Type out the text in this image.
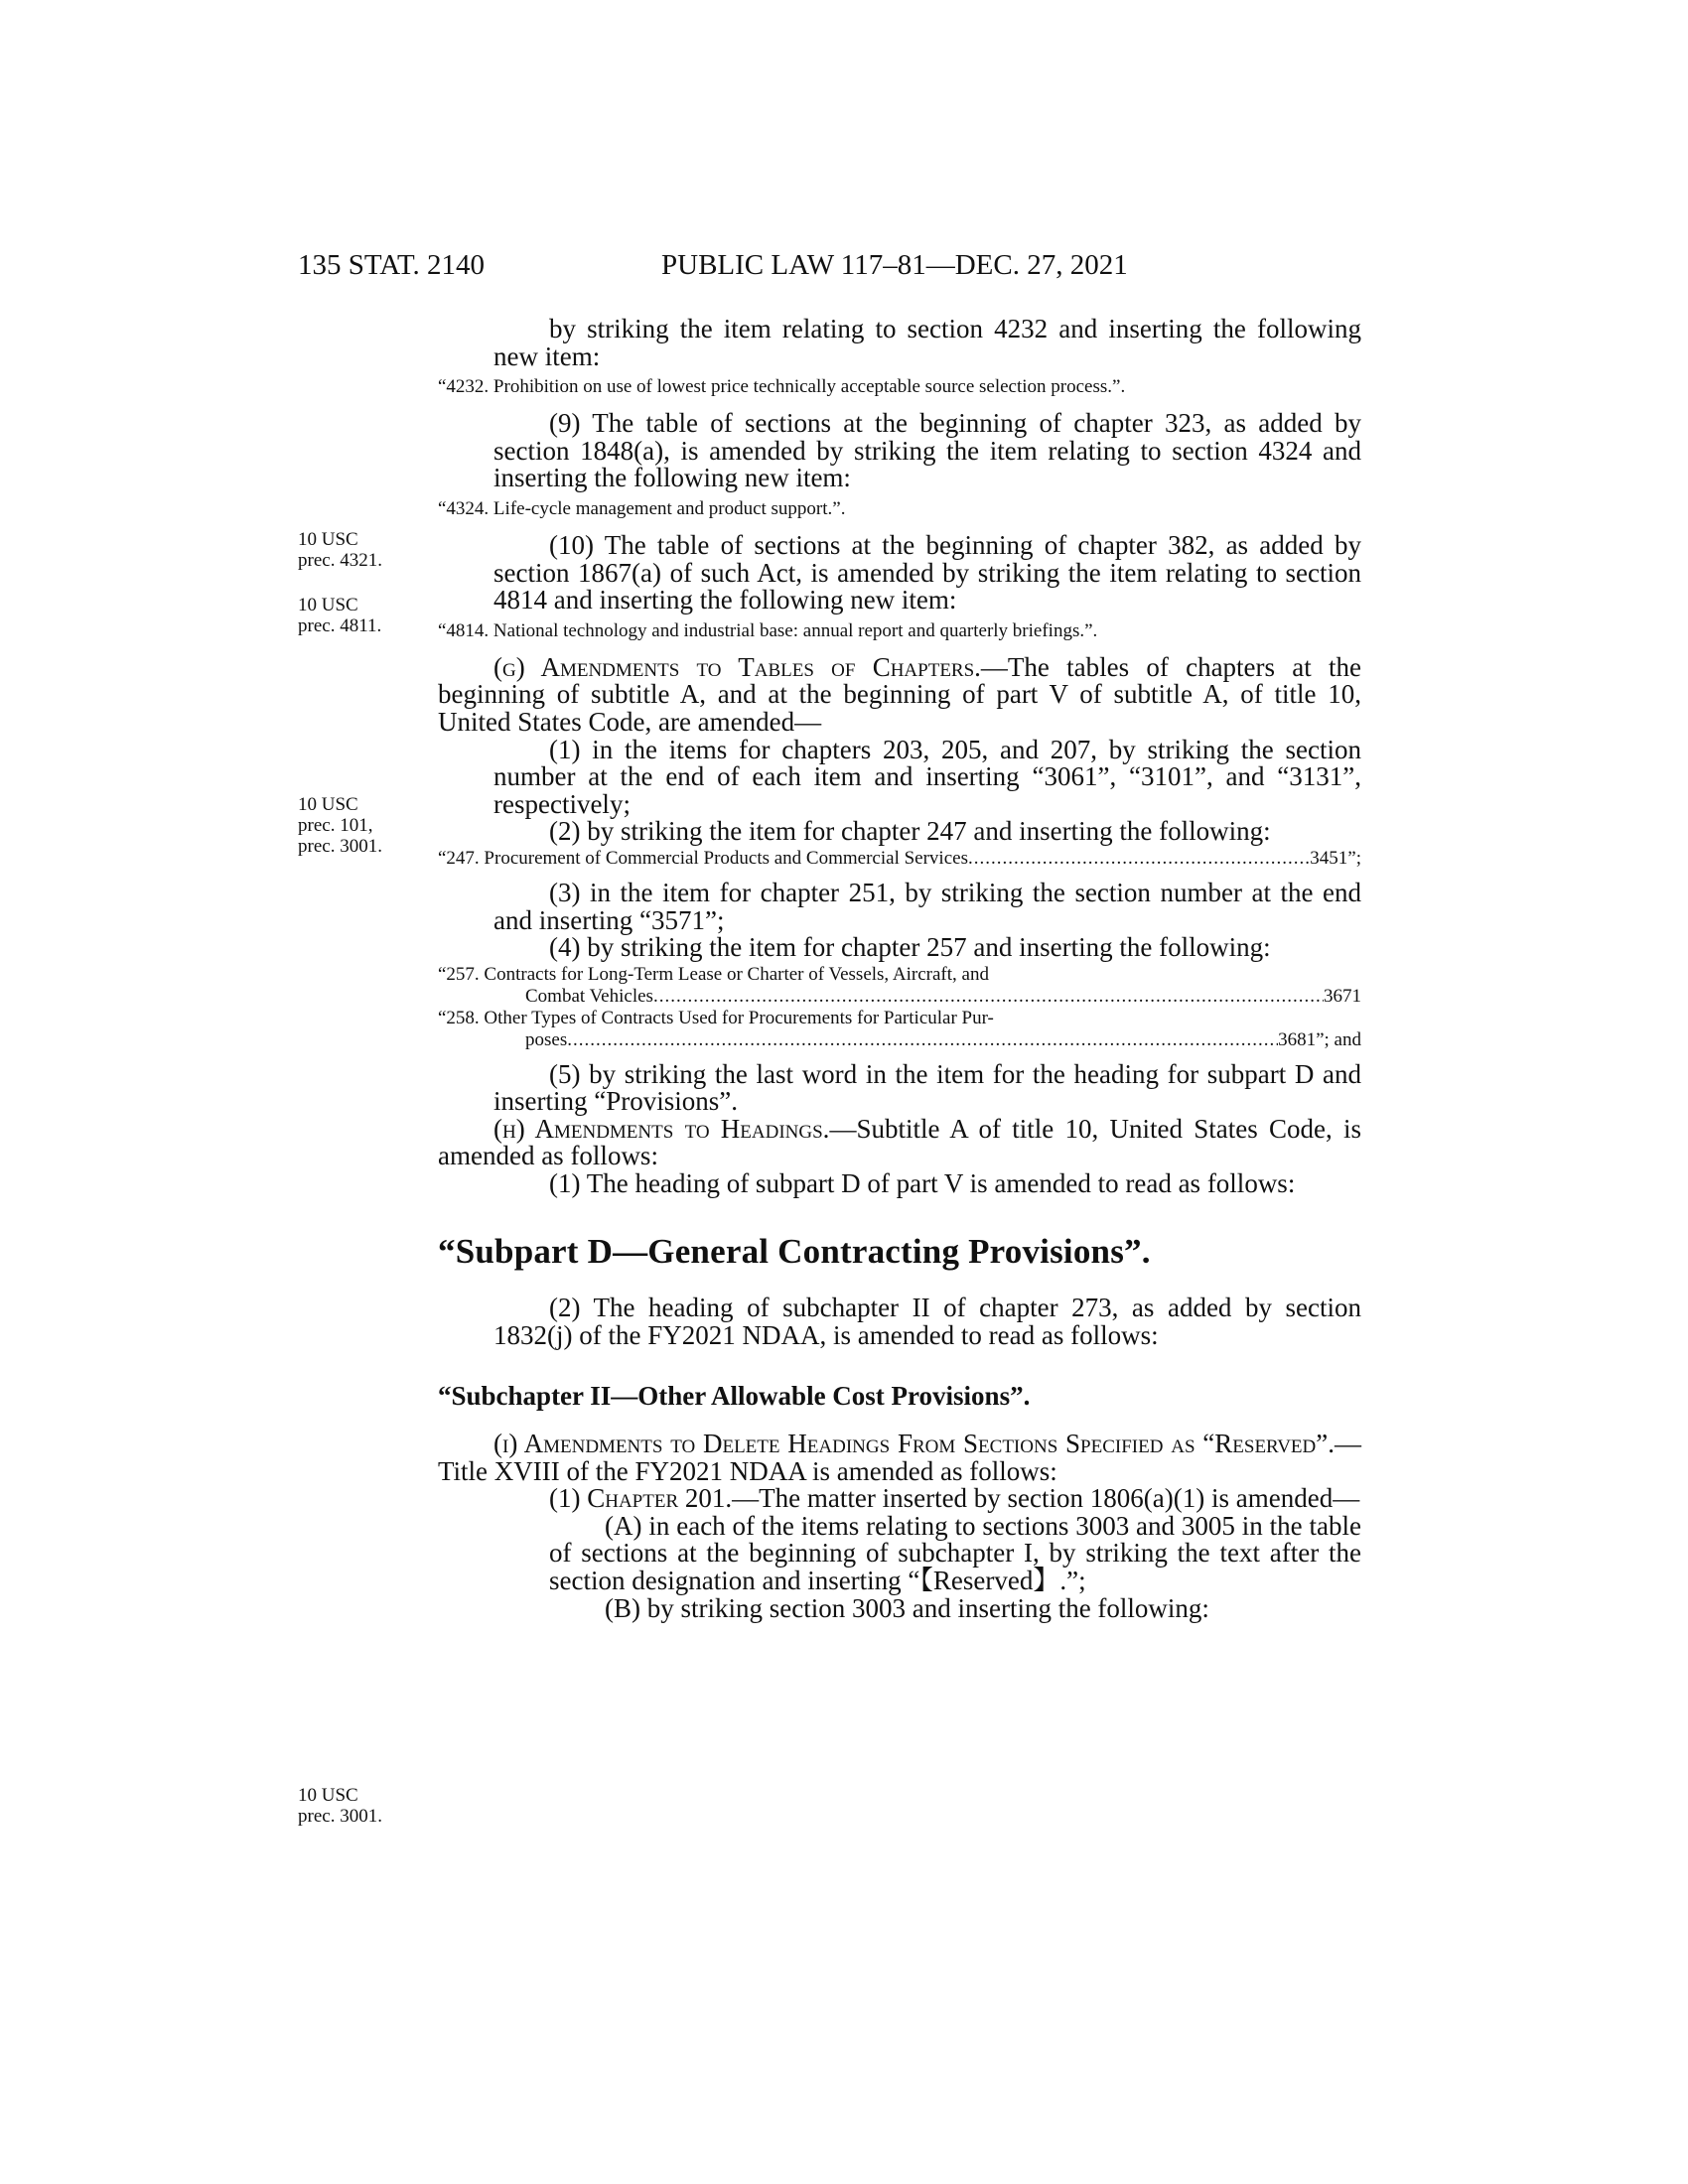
135 STAT. 2140	PUBLIC LAW 117–81—DEC. 27, 2021
10 USC
prec. 4321.
10 USC
prec. 4811.
10 USC
prec. 101,
prec. 3001.
10 USC
prec. 3001.

by striking the item relating to section 4232 and inserting the following new item:

“4232. Prohibition on use of lowest price technically acceptable source selection process.”.

(9) The table of sections at the beginning of chapter 323, as added by section 1848(a), is amended by striking the item relating to section 4324 and inserting the following new item:

“4324. Life-cycle management and product support.”.

(10) The table of sections at the beginning of chapter 382, as added by section 1867(a) of such Act, is amended by striking the item relating to section 4814 and inserting the following new item:

“4814. National technology and industrial base: annual report and quarterly briefings.”.

(g) Amendments to Tables of Chapters.—The tables of chapters at the beginning of subtitle A, and at the beginning of part V of subtitle A, of title 10, United States Code, are amended—

(1) in the items for chapters 203, 205, and 207, by striking the section number at the end of each item and inserting “3061”, “3101”, and “3131”, respectively;

(2) by striking the item for chapter 247 and inserting the following:

“247. Procurement of Commercial Products and Commercial Services .....	3451”;

(3) in the item for chapter 251, by striking the section number at the end and inserting “3571”;

(4) by striking the item for chapter 257 and inserting the following:

“257. Contracts for Long-Term Lease or Charter of Vessels, Aircraft, and
Combat Vehicles .....	3671
“258. Other Types of Contracts Used for Procurements for Particular Pur-
poses .....	3681”; and

(5) by striking the last word in the item for the heading for subpart D and inserting “Provisions”.

(h) Amendments to Headings.—Subtitle A of title 10, United States Code, is amended as follows:

(1) The heading of subpart D of part V is amended to read as follows:

“Subpart D—General Contracting Provisions”.

(2) The heading of subchapter II of chapter 273, as added by section 1832(j) of the FY2021 NDAA, is amended to read as follows:

“Subchapter II—Other Allowable Cost Provisions”.

(i) Amendments to Delete Headings From Sections Specified as “Reserved”.—Title XVIII of the FY2021 NDAA is amended as follows:

(1) Chapter 201.—The matter inserted by section 1806(a)(1) is amended—

(A) in each of the items relating to sections 3003 and 3005 in the table of sections at the beginning of subchapter I, by striking the text after the section designation and inserting “【Reserved】.”;

(B) by striking section 3003 and inserting the following:
